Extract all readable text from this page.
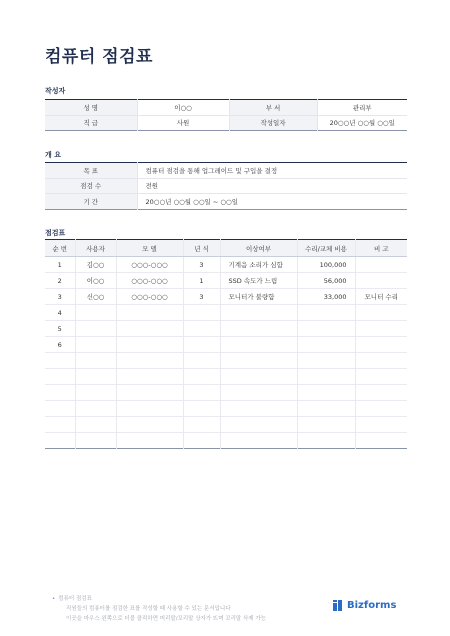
컴퓨터 점검표
작성자
성 명	이○○	부 서	관리부
직 급	사원	작성일자	20○○년 ○○월 ○○일
개 요
목 표	컴퓨터 점검을 통해 업그레이드 및 구입을 결정
점검 수	전원
기 간	20○○년 ○○월 ○○일 ~ ○○일
점검표
순 번	사용자	모 델	년 식	이상여부	수리/교체 비용	비 고
1	김○○	○○○-○○○	3	기계음 소리가 심함	100,000	
2	이○○	○○○-○○○	1	SSD 속도가 느림	56,000	
3	신○○	○○○-○○○	3	모니터가 불량함	33,000	모니터 수리
4						
5						
6						

• 컴퓨터 점검표
직원들의 컴퓨터를 점검한 표를 작성할 때 사용할 수 있는 문서입니다
이곳을 마우스 왼쪽으로 더블 클릭하면 머리말/꼬리말 상자가 뜨며 꼬리말 삭제 가능
Bizforms
